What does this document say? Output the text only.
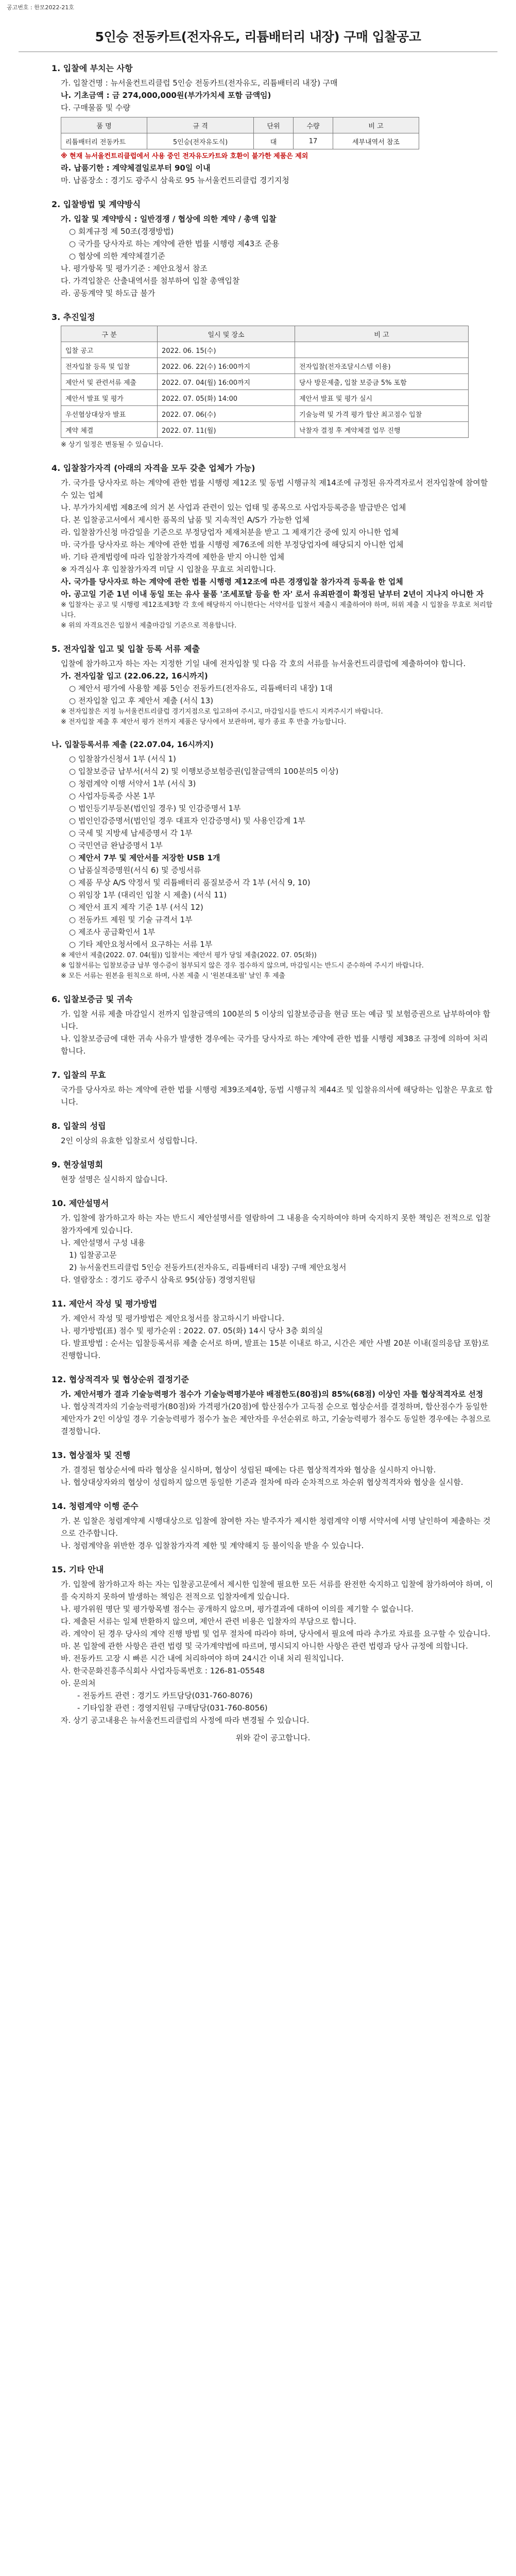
공고번호 : 한모2022-21호
5인승 전동카트(전자유도, 리튬배터리 내장) 구매 입찰공고
1. 입찰에 부치는 사항

가. 입찰건명 : 뉴서울컨트리클럽 5인승 전동카트(전자유도, 리튬배터리 내장) 구매

나. 기초금액 : 금 274,000,000원(부가가치세 포함 금액임)

다. 구매물품 및 수량

품 명	규 격	단위	수량	비 고
리튬배터리 전동카트	5인승(전자유도식)	대	17	세부내역서 참조

※ 현재 뉴서울컨트리클럽에서 사용 중인 전자유도카트와 호환이 불가한 제품은 제외

라. 납품기한 : 계약체결일로부터 90일 이내

마. 납품장소 : 경기도 광주시 삼육로 95 뉴서울컨트리클럽 경기지청

2. 입찰방법 및 계약방식

가. 입찰 및 계약방식 : 일반경쟁 / 협상에 의한 계약 / 총액 입찰

○ 회계규정 제 50조(경쟁방법)

○ 국가를 당사자로 하는 계약에 관한 법률 시행령 제43조 준용

○ 협상에 의한 계약체결기준

나. 평가항목 및 평가기준 : 제안요청서 참조

다. 가격입찰은 산출내역서를 첨부하여 입찰 총액입찰

라. 공동계약 및 하도급 불가

3. 추진일정
구 분	일시 및 장소	비 고
입찰 공고	2022. 06. 15(수)	
전자입찰 등록 및 입찰	2022. 06. 22(수) 16:00까지	전자입찰(전자조달시스템 이용)
제안서 및 관련서류 제출	2022. 07. 04(월) 16:00까지	당사 방문제출, 입찰 보증금 5% 포함
제안서 발표 및 평가	2022. 07. 05(화) 14:00	제안서 발표 및 평가 실시
우선협상대상자 발표	2022. 07. 06(수)	기술능력 및 가격 평가 합산 최고점수 입찰
계약 체결	2022. 07. 11(월)	낙찰자 결정 후 계약체결 업무 진행

※ 상기 일정은 변동될 수 있습니다.

4. 입찰참가자격 (아래의 자격을 모두 갖춘 업체가 가능)

가. 국가를 당사자로 하는 계약에 관한 법률 시행령 제12조 및 동법 시행규칙 제14조에 규정된 유자격자로서 전자입찰에 참여할 수 있는 업체

나. 부가가치세법 제8조에 의거 본 사업과 관련이 있는 업태 및 종목으로 사업자등록증을 발급받은 업체

다. 본 입찰공고서에서 제시한 품목의 납품 및 지속적인 A/S가 가능한 업체

라. 입찰참가신청 마감일을 기준으로 부정당업자 제재처분을 받고 그 제재기간 중에 있지 아니한 업체

마. 국가를 당사자로 하는 계약에 관한 법률 시행령 제76조에 의한 부정당업자에 해당되지 아니한 업체

바. 기타 관계법령에 따라 입찰참가자격에 제한을 받지 아니한 업체

※ 자격심사 후 입찰참가자격 미달 시 입찰을 무효로 처리합니다.

사. 국가를 당사자로 하는 계약에 관한 법률 시행령 제12조에 따른 경쟁입찰 참가자격 등록을 한 업체

아. 공고일 기준 1년 이내 동일 또는 유사 물품 '조세포탈 등을 한 자' 로서 유죄판결이 확정된 날부터 2년이 지나지 아니한 자

※ 입찰자는 공고 및 시행령 제12조제3항 각 호에 해당하지 아니한다는 서약서를 입찰서 제출시 제출하여야 하며, 허위 제출 시 입찰을 무효로 처리합니다.

※ 위의 자격요건은 입찰서 제출마감일 기준으로 적용합니다.

5. 전자입찰 입고 및 입찰 등록 서류 제출

입찰에 참가하고자 하는 자는 지정한 기일 내에 전자입찰 및 다음 각 호의 서류를 뉴서울컨트리클럽에 제출하여야 합니다.

가. 전자입찰 입고 (22.06.22, 16시까지)

○ 제안서 평가에 사용할 제품 5인승 전동카트(전자유도, 리튬배터리 내장) 1대

○ 전자입찰 입고 후 제안서 제출 (서식 13)

※ 전자입찰은 지정 뉴서울컨트리클럽 경기지점으로 입고하여 주시고, 마감일시를 반드시 지켜주시기 바랍니다.

※ 전자입찰 제출 후 제안서 평가 전까지 제품은 당사에서 보관하며, 평가 종료 후 반출 가능합니다.

나. 입찰등록서류 제출 (22.07.04, 16시까지)

○ 입찰참가신청서 1부 (서식 1)

○ 입찰보증금 납부서(서식 2) 및 이행보증보험증권(입찰금액의 100분의5 이상)

○ 청렴계약 이행 서약서 1부 (서식 3)

○ 사업자등록증 사본 1부

○ 법인등기부등본(법인일 경우) 및 인감증명서 1부

○ 법인인감증명서(법인일 경우 대표자 인감증명서) 및 사용인감계 1부

○ 국세 및 지방세 납세증명서 각 1부

○ 국민연금 완납증명서 1부

○ 제안서 7부 및 제안서를 저장한 USB 1개

○ 납품실적증명원(서식 6) 및 증빙서류

○ 제품 무상 A/S 약정서 및 리튬배터리 품질보증서 각 1부 (서식 9, 10)

○ 위임장 1부 (대리인 입찰 시 제출) (서식 11)

○ 제안서 표지 제작 기준 1부 (서식 12)

○ 전동카트 제원 및 기술 규격서 1부

○ 제조사 공급확인서 1부

○ 기타 제안요청서에서 요구하는 서류 1부

※ 제안서 제출(2022. 07. 04(월)) 입찰서는 제안서 평가 당일 제출(2022. 07. 05(화))

※ 입찰서류는 입찰보증금 납부 영수증이 첨부되지 않은 경우 접수하지 않으며, 마감일시는 반드시 준수하여 주시기 바랍니다.

※ 모든 서류는 원본을 원칙으로 하며, 사본 제출 시 '원본대조필' 날인 후 제출

6. 입찰보증금 및 귀속

가. 입찰 서류 제출 마감일시 전까지 입찰금액의 100분의 5 이상의 입찰보증금을 현금 또는 예금 및 보험증권으로 납부하여야 합니다.

나. 입찰보증금에 대한 귀속 사유가 발생한 경우에는 국가를 당사자로 하는 계약에 관한 법률 시행령 제38조 규정에 의하여 처리합니다.

7. 입찰의 무효

국가를 당사자로 하는 계약에 관한 법률 시행령 제39조제4항, 동법 시행규칙 제44조 및 입찰유의서에 해당하는 입찰은 무효로 합니다.

8. 입찰의 성립

2인 이상의 유효한 입찰로서 성립합니다.

9. 현장설명회

현장 설명은 실시하지 않습니다.

10. 제안설명서

가. 입찰에 참가하고자 하는 자는 반드시 제안설명서를 열람하여 그 내용을 숙지하여야 하며 숙지하지 못한 책임은 전적으로 입찰참가자에게 있습니다.

나. 제안설명서 구성 내용

1) 입찰공고문

2) 뉴서울컨트리클럽 5인승 전동카트(전자유도, 리튬배터리 내장) 구매 제안요청서

다. 열람장소 : 경기도 광주시 삼육로 95(삼동) 경영지원팀

11. 제안서 작성 및 평가방법

가. 제안서 작성 및 평가방법은 제안요청서를 참고하시기 바랍니다.

나. 평가방법(표) 점수 및 평가순위 : 2022. 07. 05(화) 14시 당사 3층 회의실

다. 발표방법 : 순서는 입찰등록서류 제출 순서로 하며, 발표는 15분 이내로 하고, 시간은 제안 사별 20분 이내(질의응답 포함)로 진행합니다.

12. 협상적격자 및 협상순위 결정기준

가. 제안서평가 결과 기술능력평가 점수가 기술능력평가분야 배점한도(80점)의 85%(68점) 이상인 자를 협상적격자로 선정

나. 협상적격자의 기술능력평가(80점)와 가격평가(20점)에 합산점수가 고득점 순으로 협상순서를 결정하며, 합산점수가 동일한 제안자가 2인 이상일 경우 기술능력평가 점수가 높은 제안자를 우선순위로 하고, 기술능력평가 점수도 동일한 경우에는 추첨으로 결정합니다.

13. 협상절차 및 진행

가. 결정된 협상순서에 따라 협상을 실시하며, 협상이 성립된 때에는 다른 협상적격자와 협상을 실시하지 아니함.

나. 협상대상자와의 협상이 성립하지 않으면 동일한 기준과 절차에 따라 순차적으로 차순위 협상적격자와 협상을 실시함.

14. 청렴계약 이행 준수

가. 본 입찰은 청렴계약제 시행대상으로 입찰에 참여한 자는 발주자가 제시한 청렴계약 이행 서약서에 서명 날인하여 제출하는 것으로 간주합니다.

나. 청렴계약을 위반한 경우 입찰참가자격 제한 및 계약해지 등 불이익을 받을 수 있습니다.

15. 기타 안내

가. 입찰에 참가하고자 하는 자는 입찰공고문에서 제시한 입찰에 필요한 모든 서류를 완전한 숙지하고 입찰에 참가하여야 하며, 이를 숙지하지 못하여 발생하는 책임은 전적으로 입찰자에게 있습니다.

나. 평가위원 명단 및 평가항목별 점수는 공개하지 않으며, 평가결과에 대하여 이의를 제기할 수 없습니다.

다. 제출된 서류는 일체 반환하지 않으며, 제안서 관련 비용은 입찰자의 부담으로 합니다.

라. 계약이 된 경우 당사의 계약 진행 방법 및 업무 절차에 따라야 하며, 당사에서 필요에 따라 추가로 자료를 요구할 수 있습니다.

마. 본 입찰에 관한 사항은 관련 법령 및 국가계약법에 따르며, 명시되지 아니한 사항은 관련 법령과 당사 규정에 의합니다.

바. 전동카트 고장 시 빠른 시간 내에 처리하여야 하며 24시간 이내 처리 원칙입니다.

사. 한국문화진흥주식회사 사업자등록번호 : 126-81-05548

아. 문의처

- 전동카트 관련 : 경기도 카트담당(031-760-8076)

- 기타입찰 관련 : 경영지원팀 구매담당(031-760-8056)

자. 상기 공고내용은 뉴서울컨트리클럽의 사정에 따라 변경될 수 있습니다.

위와 같이 공고합니다.
